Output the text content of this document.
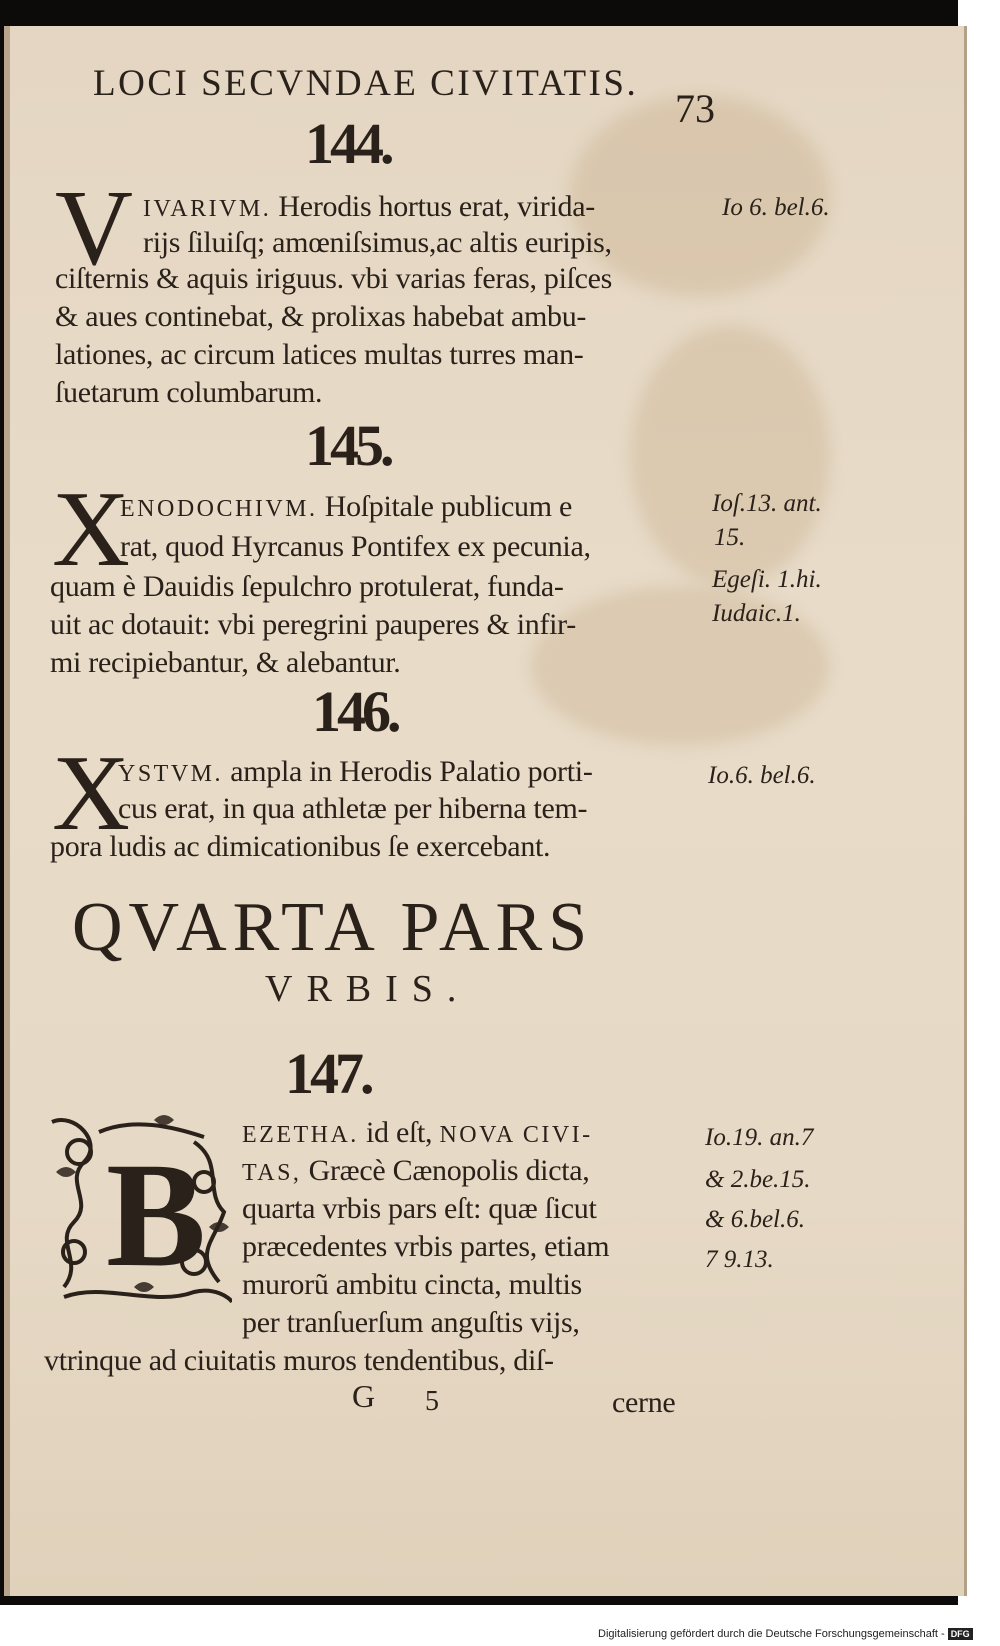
LOCI SECVNDAE CIVITATIS.
73
144.
V IVARIVM. Herodis hortus erat, virida-
rijs ſiluiſq; amœniſsimus,ac altis euripis,
ciſternis & aquis iriguus. vbi varias feras, piſces
& aues continebat, & prolixas habebat ambu-
lationes, ac circum latices multas turres man-
ſuetarum columbarum.
Io 6. bel.6.
145.
X
ENODOCHIVM. Hoſpitale publicum e
rat, quod Hyrcanus Pontifex ex pecunia,
quam è Dauidis ſepulchro protulerat, funda-
uit ac dotauit: vbi peregrini pauperes & infir-
mi recipiebantur, & alebantur.
Ioſ.13. ant.
15.
Egeſi. 1.hi.
Iudaic.1.
146.
X
YSTVM. ampla in Herodis Palatio porti-
cus erat, in qua athletæ per hiberna tem-
pora ludis ac dimicationibus ſe exercebant.
Io.6. bel.6.
QVARTA PARS
VRBIS.
147.
B EZETHA. id eſt, NOVA CIVI-
TAS, Græcè Cænopolis dicta,
quarta vrbis pars eſt: quæ ſicut
præcedentes vrbis partes, etiam
murorũ ambitu cincta, multis
per tranſuerſum anguſtis vijs,
vtrinque ad ciuitatis muros tendentibus, diſ-
Io.19. an.7
& 2.be.15.
& 6.bel.6.
7 9.13.
G 5	cerne
Digitalisierung gefördert durch die Deutsche Forschungsgemeinschaft - DFG
